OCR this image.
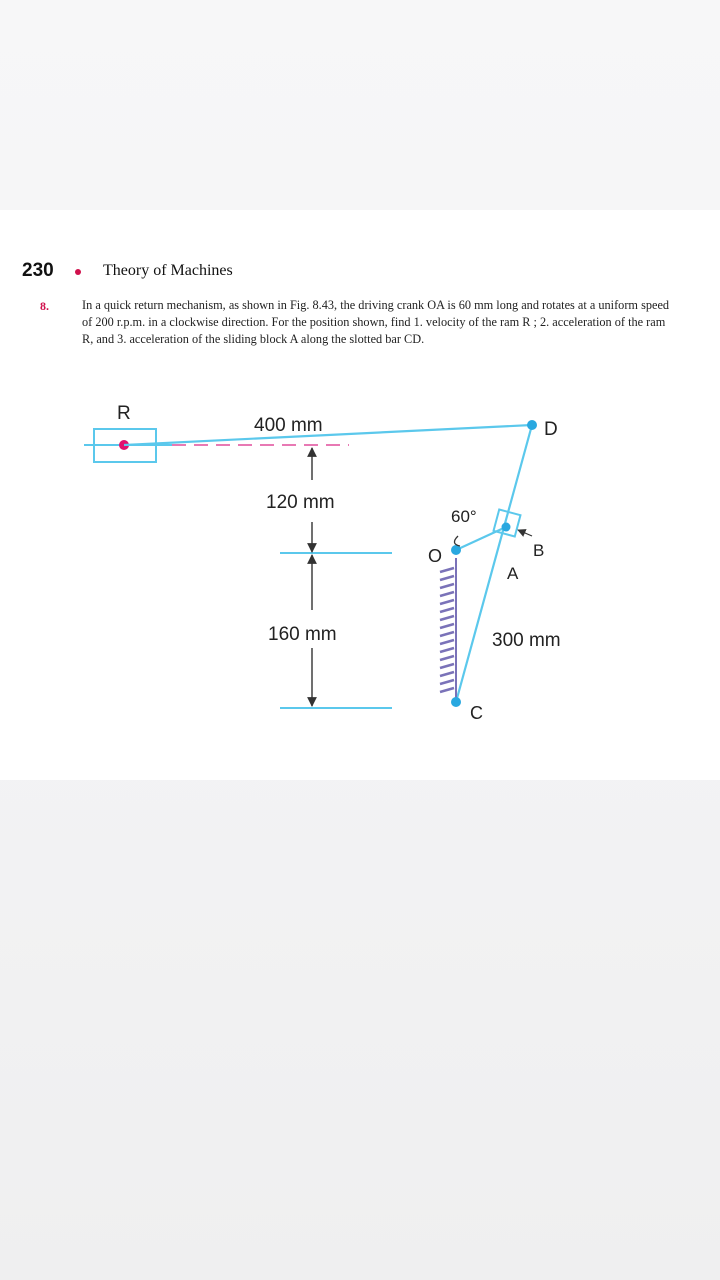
230	Theory of Machines
8.	In a quick return mechanism, as shown in Fig. 8.43, the driving crank OA is 60 mm long and rotates at a uniform speed of 200 r.p.m. in a clockwise direction. For the position shown, find 1. velocity of the ram R ; 2. acceleration of the ram R, and 3. acceleration of the sliding block A along the slotted bar CD.
R
400 mm	D
O
A
B
60°
C
300 mm
120 mm
160 mm
